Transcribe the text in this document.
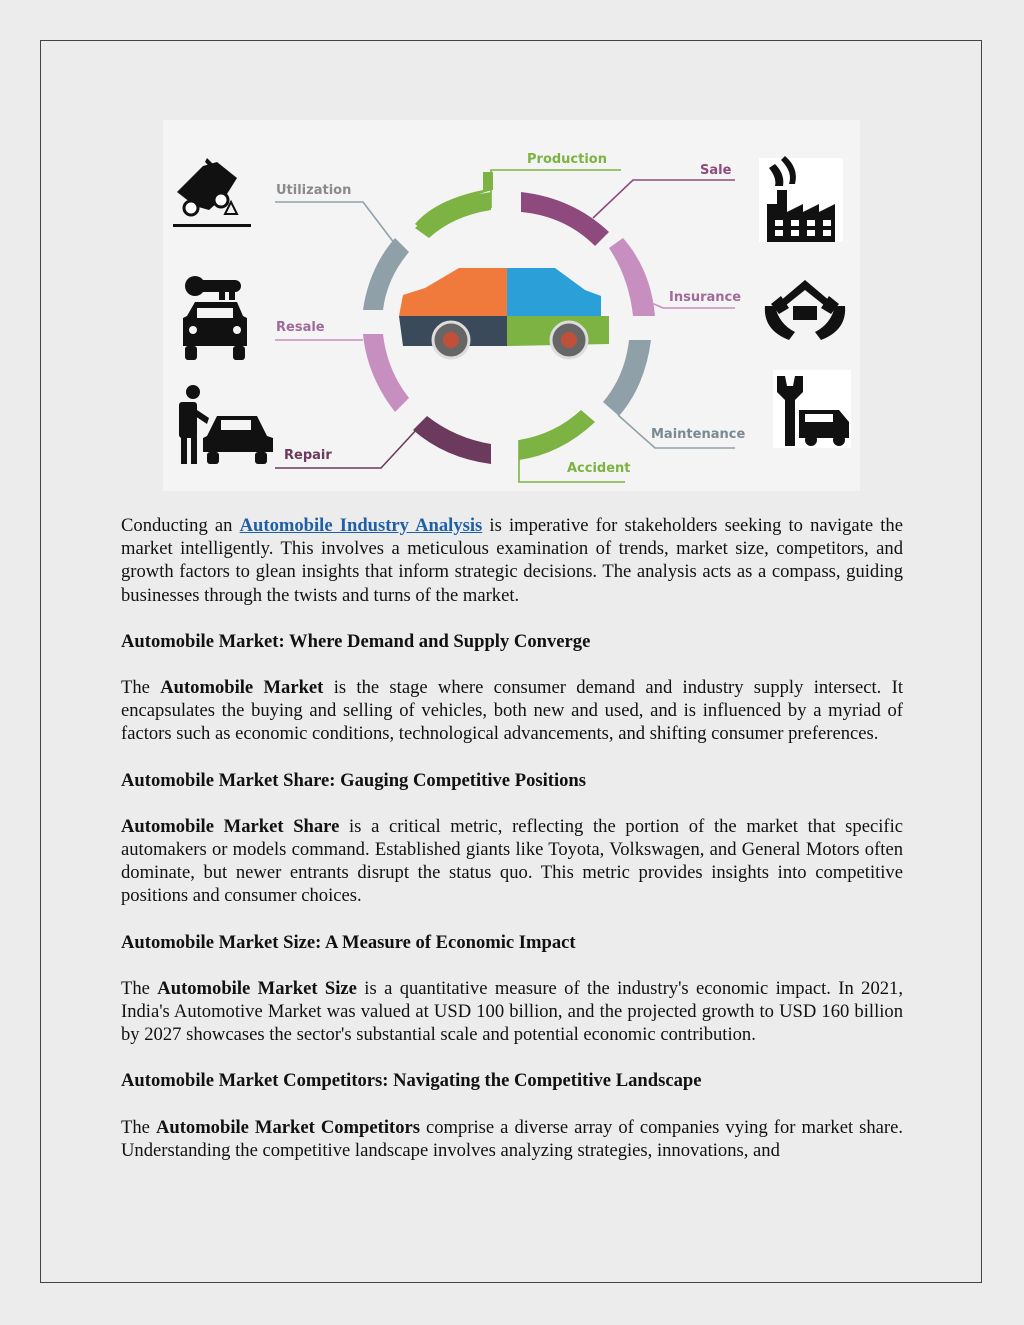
Production
Sale
Utilization
Insurance
Resale
Maintenance
Repair
Accident

Conducting an Automobile Industry Analysis is imperative for stakeholders seeking to navigate the market intelligently. This involves a meticulous examination of trends, market size, competitors, and growth factors to glean insights that inform strategic decisions. The analysis acts as a compass, guiding businesses through the twists and turns of the market.

Automobile Market: Where Demand and Supply Converge

The Automobile Market is the stage where consumer demand and industry supply intersect. It encapsulates the buying and selling of vehicles, both new and used, and is influenced by a myriad of factors such as economic conditions, technological advancements, and shifting consumer preferences.

Automobile Market Share: Gauging Competitive Positions

Automobile Market Share is a critical metric, reflecting the portion of the market that specific automakers or models command. Established giants like Toyota, Volkswagen, and General Motors often dominate, but newer entrants disrupt the status quo. This metric provides insights into competitive positions and consumer choices.

Automobile Market Size: A Measure of Economic Impact

The Automobile Market Size is a quantitative measure of the industry's economic impact. In 2021, India's Automotive Market was valued at USD 100 billion, and the projected growth to USD 160 billion by 2027 showcases the sector's substantial scale and potential economic contribution.

Automobile Market Competitors: Navigating the Competitive Landscape

The Automobile Market Competitors comprise a diverse array of companies vying for market share. Understanding the competitive landscape involves analyzing strategies, innovations, and
